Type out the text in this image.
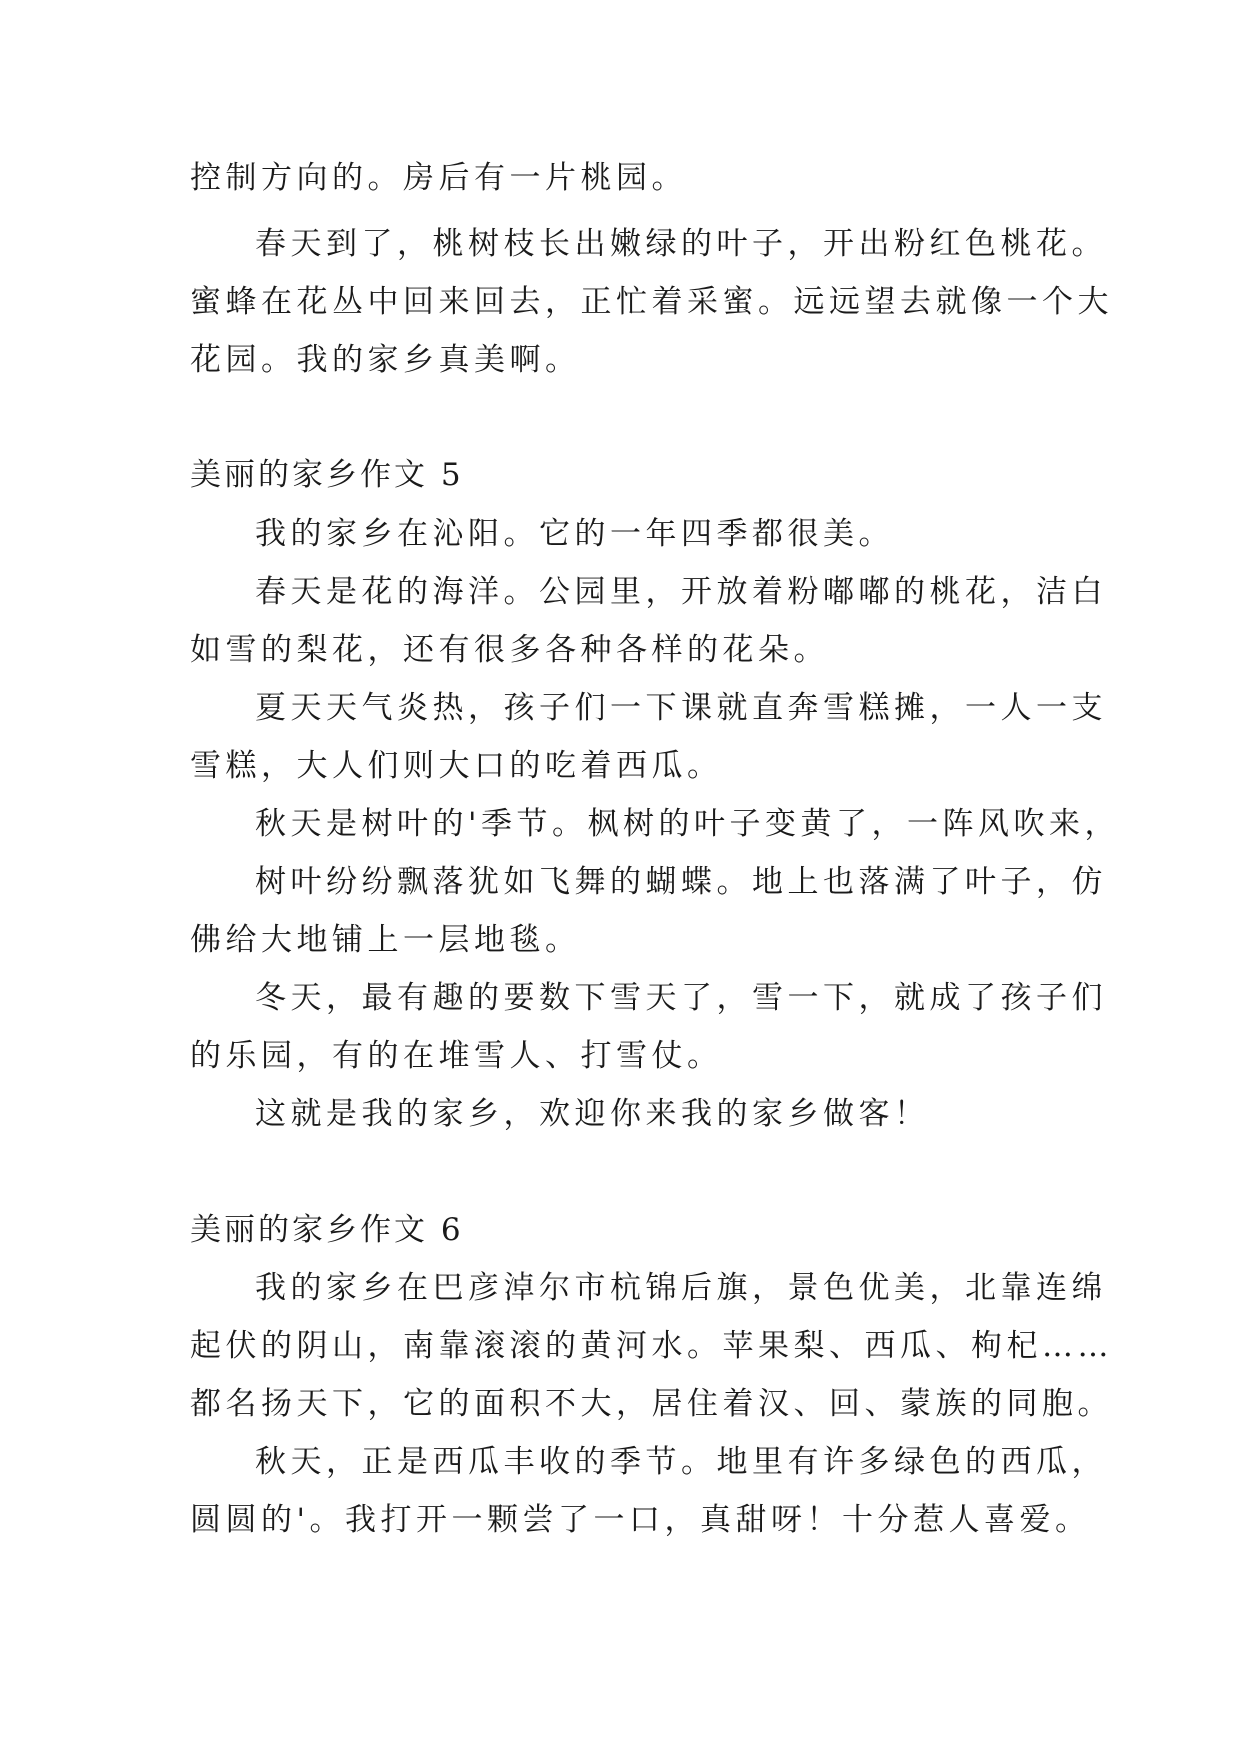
控制方向的。房后有一片桃园。
春天到了，桃树枝长出嫩绿的叶子，开出粉红色桃花。
蜜蜂在花丛中回来回去，正忙着采蜜。远远望去就像一个大
花园。我的家乡真美啊。
美丽的家乡作文 5
我的家乡在沁阳。它的一年四季都很美。
春天是花的海洋。公园里，开放着粉嘟嘟的桃花，洁白
如雪的梨花，还有很多各种各样的花朵。
夏天天气炎热，孩子们一下课就直奔雪糕摊，一人一支
雪糕，大人们则大口的吃着西瓜。
秋天是树叶的'季节。枫树的叶子变黄了，一阵风吹来，
树叶纷纷飘落犹如飞舞的蝴蝶。地上也落满了叶子，仿
佛给大地铺上一层地毯。
冬天，最有趣的要数下雪天了，雪一下，就成了孩子们
的乐园，有的在堆雪人、打雪仗。
这就是我的家乡，欢迎你来我的家乡做客！
美丽的家乡作文 6
我的家乡在巴彦淖尔市杭锦后旗，景色优美，北靠连绵
起伏的阴山，南靠滚滚的黄河水。苹果梨、西瓜、枸杞……
都名扬天下，它的面积不大，居住着汉、回、蒙族的同胞。
秋天，正是西瓜丰收的季节。地里有许多绿色的西瓜，
圆圆的'。我打开一颗尝了一口，真甜呀！十分惹人喜爱。
